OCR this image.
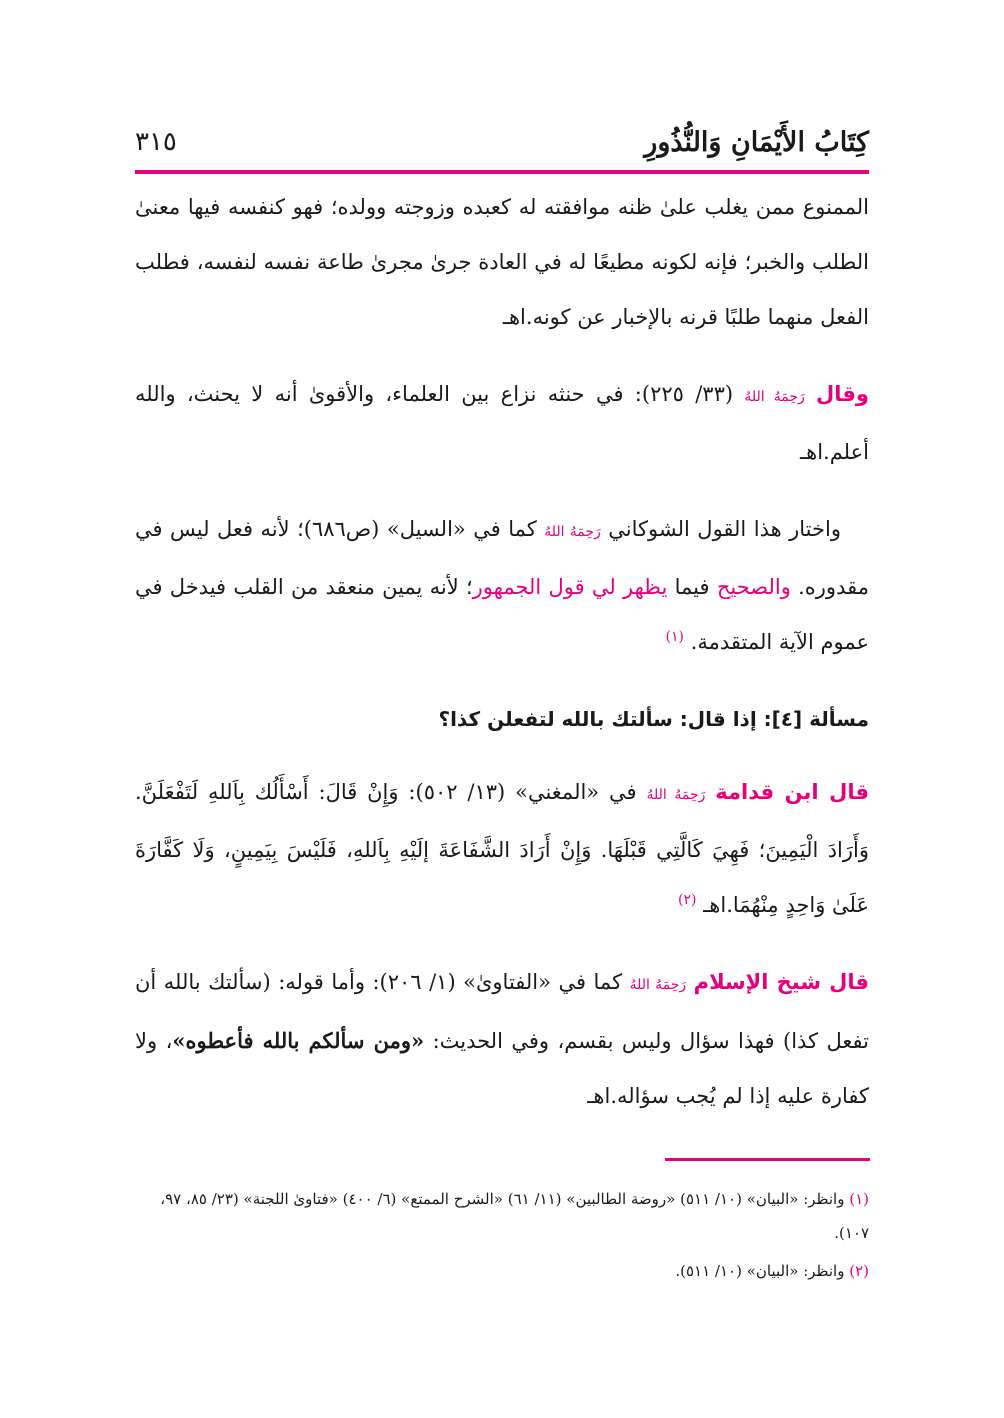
كِتَابُ الأَيْمَانِ وَالنُّذُورِ
٣١٥

الممنوع ممن يغلب علىٰ ظنه موافقته له كعبده وزوجته وولده؛ فهو كنفسه فيها معنىٰ الطلب والخبر؛ فإنه لكونه مطيعًا له في العادة جرىٰ مجرىٰ طاعة نفسه لنفسه، فطلب الفعل منهما طلبًا قرنه بالإخبار عن كونه.اهـ

وقال رَحِمَهُ اللهُ (٣٣/ ٢٢٥): في حنثه نزاع بين العلماء، والأقوىٰ أنه لا يحنث، والله أعلم.اهـ

واختار هذا القول الشوكاني رَحِمَهُ اللهُ كما في «السيل» (ص٦٨٦)؛ لأنه فعل ليس في مقدوره. والصحيح فيما يظهر لي قول الجمهور؛ لأنه يمين منعقد من القلب فيدخل في عموم الآية المتقدمة. $^{(١)}$

مسألة [٤]: إذا قال: سألتك بالله لتفعلن كذا؟

قال ابن قدامة رَحِمَهُ اللهُ في «المغني» (١٣/ ٥٠٢): وَإِنْ قَالَ: أَسْأَلُك بِاَللهِ لَتَفْعَلَنَّ. وَأَرَادَ الْيَمِينَ؛ فَهِيَ كَالَّتِي قَبْلَهَا. وَإِنْ أَرَادَ الشَّفَاعَةَ إلَيْهِ بِاَللهِ، فَلَيْسَ بِيَمِينٍ، وَلَا كَفَّارَةَ عَلَىٰ وَاحِدٍ مِنْهُمَا.اهـ $^{(٢)}$

قال شيخ الإسلام رَحِمَهُ اللهُ كما في «الفتاوىٰ» (١/ ٢٠٦): وأما قوله: (سألتك بالله أن تفعل كذا) فهذا سؤال وليس بقسم، وفي الحديث: «ومن سألكم بالله فأعطوه»، ولا كفارة عليه إذا لم يُجب سؤاله.اهـ

(١) وانظر: «البيان» (١٠/ ٥١١) «روضة الطالبين» (١١/ ٦١) «الشرح الممتع» (٦/ ٤٠٠) «فتاوىٰ اللجنة» (٢٣/ ٨٥، ٩٧، ١٠٧).

(٢) وانظر: «البيان» (١٠/ ٥١١).
